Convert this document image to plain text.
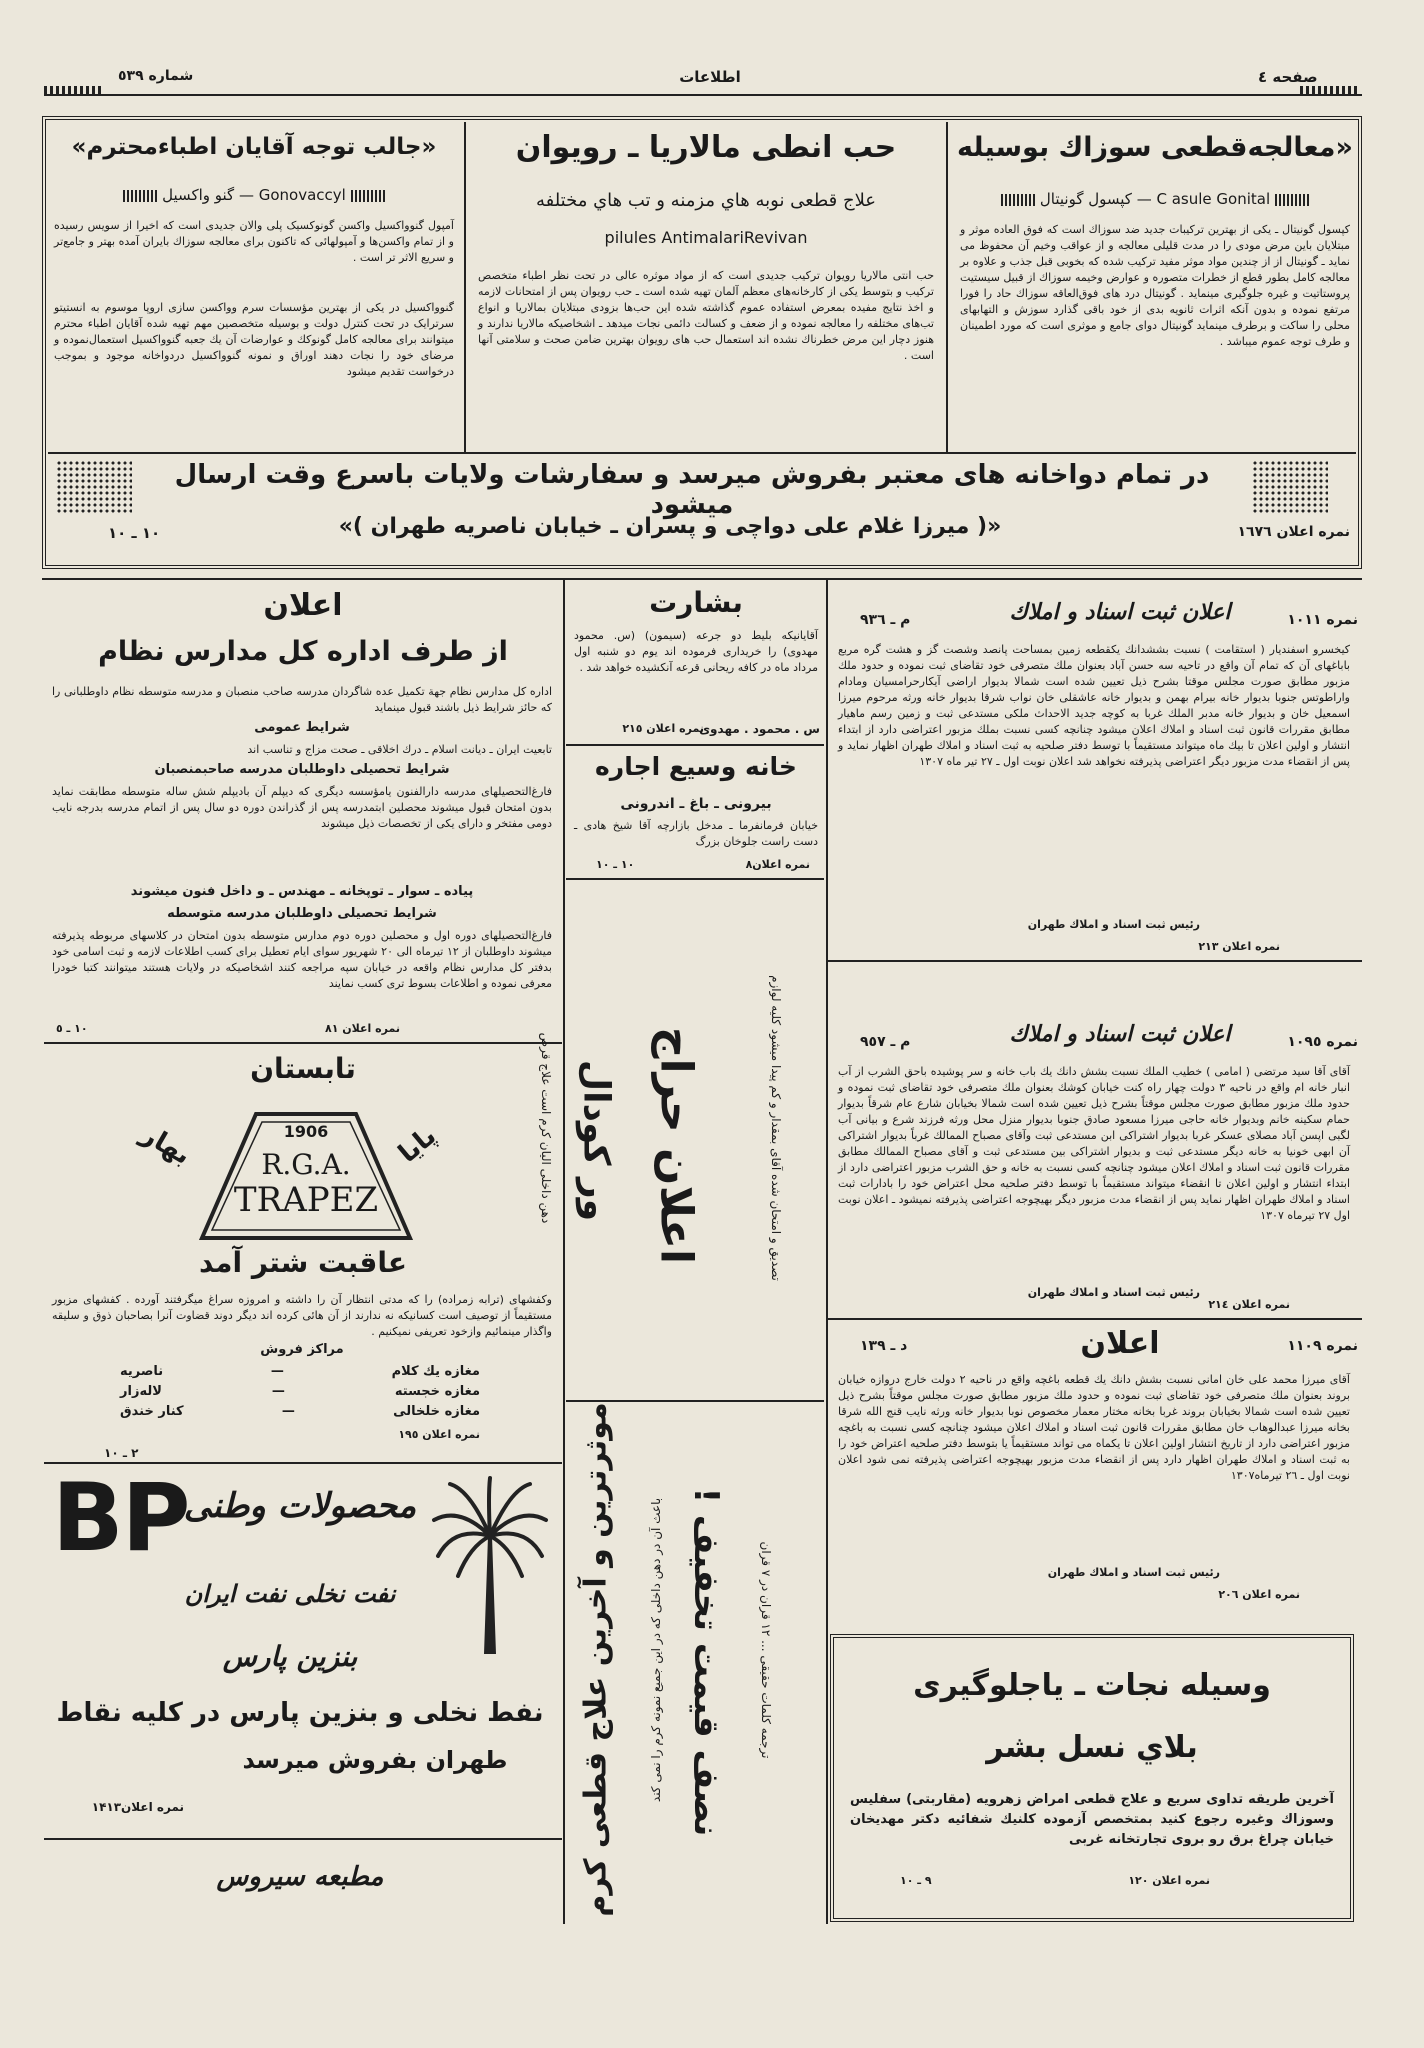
صفحه ٤
اطلاعات
شماره ٥٣٩
«جالب توجه آقايان اطباءمحترم»
گنو واکسيل — Gonovaccyl
آمپول گنوواکسيل واکسن گونوکسيک پلی والان جديدی است که اخيرا از سويس رسيده و از تمام واکسن‌ها و آمپولهائی که تاکنون برای معالجه سوزاك بايران آمده بهتر و جامع‌تر و سريع الاثر تر است .
گنوواکسيل در يکی از بهترين مؤسسات سرم وواکسن سازی اروپا موسوم به انستيتو سرترايک در تحت کنترل دولت و بوسيله متخصصين مهم تهيه شده آقايان اطباء محترم ميتوانند برای معالجه کامل گونوکك و عوارضات آن يك جعبه گنوواکسيل استعمال‌نموده و مرضای خود را نجات دهند اوراق و نمونه گنوواکسيل دردواخانه موجود و بموجب درخواست تقديم ميشود
حب انطی مالاريا ـ رويوان
علاج قطعی نوبه هاي مزمنه و تب هاي مختلفه
pilules AntimalariRevivan
حب انتی مالاريا رويوان ترکيب جديدی است که از مواد موثره عالی در تحت نظر اطباء متخصص ترکيب و بتوسط يکی از کارخانه‌های معظم آلمان تهيه شده است ـ حب رويوان پس از امتحانات لازمه و اخذ نتايج مفيده بمعرض استفاده عموم گذاشته شده اين حب‌ها بزودی مبتلايان بمالاريا و انواع تب‌های مختلفه را معالجه نموده و از ضعف و کسالت دائمی نجات ميدهد ـ اشخاصيکه مالاريا ندارند و هنوز دچار اين مرض خطرناك نشده اند استعمال حب های رويوان بهترين ضامن صحت و سلامتی آنها است .
«معالجه‌قطعی سوزاك بوسيله
کپسول گونيتال — C asule Gonital
کپسول گونيتال ـ يکی از بهترين ترکيبات جديد ضد سوزاك است که فوق العاده موثر و مبتلايان باين مرض مودی را در مدت قليلی معالجه و از عواقب وخيم آن محفوظ می نمايد ـ گونيتال از از چندين مواد موثر مفيد ترکيب شده که بخوبی قبل جذب و علاوه بر معالجه کامل بطور قطع از خطرات متصوره و عوارض وخيمه سوزاك از قبيل سيستيت پروستاتيت و غيره جلوگيری مينمايد . گونيتال درد های فوق‌العاقه سوزاك حاد را فورا مرتفع نموده و بدون آنکه اثرات ثانويه بدی از خود باقی گذارد سوزش و التهابهای محلی را ساکت و برطرف مينمايد گونيتال دوای جامع و موثری است که مورد اطمينان و طرف توجه عموم ميباشد .
در تمام دواخانه های معتبر بفروش ميرسد و سفارشات ولايات باسرع وقت ارسال ميشود
«( ميرزا غلام علی دواچی و پسران ـ خيابان ناصريه طهران )»	نمره اعلان ١٦٧٦
١٠ ـ ١٠
اعلان
از طرف اداره کل مدارس نظام
اداره کل مدارس نظام جهة تکميل عده شاگردان مدرسه صاحب منصبان و مدرسه متوسطه نظام داوطلبانی را که حائز شرايط ذيل باشند قبول مينمايد
شرايط عمومی
تابعيت ايران ـ ديانت اسلام ـ درك اخلاقی ـ صحت مزاج و تناسب اند
شرايط تحصيلی داوطلبان مدرسه صاحبمنصبان
فارغ‌التحصيلهای مدرسه دارالفنون يامؤسسه ديگری که ديپلم آن باديپلم شش ساله متوسطه مطابقت نمايد بدون امتحان قبول ميشوند محصلين ابتمدرسه پس از گذراندن دوره دو سال پس از اتمام مدرسه بدرجه نايب دومی مفتخر و دارای يکی از تخصصات ذيل ميشوند
پياده ـ سوار ـ توپخانه ـ مهندس ـ و داخل فنون ميشوند
شرايط تحصيلی داوطلبان مدرسه متوسطه
فارغ‌التحصيلهای دوره اول و محصلين دوره دوم مدارس متوسطه بدون امتحان در کلاسهای مربوطه پذيرفته ميشوند داوطلبان از ١٢ تيرماه الی ٢٠ شهريور سوای ايام تعطيل برای کسب اطلاعات لازمه و ثبت اسامی خود بدفتر کل مدارس نظام واقعه در خيابان سپه مراجعه کنند اشخاصيکه در ولايات هستند ميتوانند کتبا خودرا معرفی نموده و اطلاعات بسوط تری کسب نمايند
نمره اعلان ٨١
١٠ ـ ٥
تابستان
1906
R.G.A.
TRAPEZ
پايا
بهار
عاقبت شتر آمد
وکفشهای (ترابه زمراده) را که مدتی انتظار آن را داشته و امروزه سراغ ميگرفتند آورده . کفشهای مزبور مستقيماً از توصيف است کسانيکه نه ندارند از آن هائی کرده اند ديگر دوند قضاوت آنرا بصاحبان ذوق و سليقه واگذار مينمائيم وازخود تعريفی نميکنيم .
مراکز فروش
مغازه يك کلام
—
ناصريه
مغازه خجسته
—
لاله‌زار
مغازه خلخالی
—
کنار خندق
نمره اعلان ١٩٥
٢ ـ ١٠
BP
محصولات وطنی
نفت نخلی نفت ايران
بنزين پارس
نفط نخلی و بنزين پارس در کليه نقاط
طهران بفروش ميرسد
نمره اعلان١۴١٣
مطبعه سيروس
بشارت
آقايانيکه بليط دو جرعه (سيمون) (س. محمود مهدوی) را خريداری فرموده اند يوم دو شنبه اول مرداد ماه در کافه ريحانی قرعه آنکشيده خواهد شد .
نمره اعلان ٢١٥
س . محمود . مهدوی
خانه وسيع اجاره
بيرونی ـ باغ ـ اندرونی
خيابان فرمانفرما ـ مدخل بازارچه آقا شيخ هادی ـ دست راست جلوخان بزرگ
نمره اعلان٨
١٠ ـ ١٠
اعلان حراج	تصديق و امتحان شده آقای بمقدار و کم پيدا ميشود کليه لوازم
ور کودال
دهن داخلی الیان کرم است علاج قرص
نصف قيمت تخفيف !	ترجمه کلمات حقيقی ... ١٢ قران در ٧ قران
موثرترين و آخرين علاج قطعی کرم	باعث آن در دهن داخلی که در اين جميع نمونه کرم را نمی کند
نمره ١٠١١
اعلان ثبت اسناد و املاك
م ـ ٩٣٦
کيخسرو اسفنديار ( استقامت ) نسبت بششدانك يکقطعه زمين بمساحت پانصد وشصت گز و هشت گره مربع باباغهای آن که تمام آن واقع در تاحيه سه حسن آباد بعنوان ملك متصرفی خود تقاضای ثبت نموده و حدود ملك مزبور مطابق صورت مجلس موقتا بشرح ذيل تعيين شده است شمالا بديوار اراضی آيکارحرامسيان ومادام واراطوتس جنوبا بديوار خانه بيرام بهمن و بديوار خانه عاشقلی خان نواب شرقا بديوار خانه ورثه مرحوم ميرزا اسمعيل خان و بديوار خانه مدبر الملك غربا به کوچه جديد الاحداث ملکی مستدعی ثبت و زمين رسم ماهيار مطابق مقررات قانون ثبت اسناد و املاك اعلان ميشود چنانچه کسی نسبت بملك مزبور اعتراضی دارد از ابتداء انتشار و اولين اعلان تا بيك ماه ميتواند مستقيماً با توسط دفتر صلحيه به ثبت اسناد و املاك طهران اظهار نمايد و پس از انقضاء مدت مزبور ديگر اعتراضی پذيرفته نخواهد شد اعلان نوبت اول ـ ٢٧ تير ماه ١٣٠٧
رئيس ثبت اسناد و املاك طهران
نمره اعلان ٢١٣
نمره ١٠٩٥
اعلان ثبت اسناد و املاك
م ـ ٩٥٧
آقای آقا سيد مرتضی ( امامی ) خطيب الملك نسبت بشش دانك يك باب خانه و سر پوشيده باحق الشرب از آب انبار خانه ام واقع در ناحيه ٣ دولت چهار راه کنت خيابان کوشك بعنوان ملك متصرفی خود تقاضای ثبت نموده و حدود ملك مزبور مطابق صورت مجلس موقتاً بشرح ذيل تعيين شده است شمالا بخيابان شارع عام شرقاً بديوار حمام سکينه خانم وبديوار خانه حاجی ميرزا مسعود صادق جنوبا بديوار منزل محل ورثه فرزند شرع و بيانی آب لگبی اپسن آباد مصلای عسکر غربا بديوار اشتراکی ابن مستدعی ثبت وآقای مصباح الممالك غرباً بديوار اشتراکی آن ابهی خونيا به خانه ديگر مستدعی ثبت و بديوار اشتراکی بين مستدعی ثبت و آقای مصباح الممالك مطابق مقررات قانون ثبت اسناد و املاك اعلان ميشود چنانچه کسی نسبت به خانه و حق الشرب مزبور اعتراضی دارد از ابتداء انتشار و اولين اعلان تا انقضاء ميتواند مستقيماً با توسط دفتر صلحيه محل اعتراض خود را بادارات ثبت اسناد و املاك طهران اظهار نمايد پس از انقضاء مدت مزبور ديگر بهيچوجه اعتراضی پذيرفته نميشود ـ اعلان نوبت اول ٢٧ تيرماه ١٣٠٧
رئيس ثبت اسناد و املاك طهران
نمره اعلان ٢١٤
نمره ١١٠٩
اعلان
د ـ ١٣٩
آقای ميرزا محمد علی خان امانی نسبت بشش دانك يك قطعه باغچه واقع در ناحيه ٢ دولت خارج دروازه خيابان بروند بعنوان ملك متصرفی خود تقاضای ثبت نموده و حدود ملك مزبور مطابق صورت مجلس موقتاً بشرح ذيل تعيين شده است شمالا بخيابان بروند غربا بخانه مختار معمار مخصوص نوبا بديوار خانه ورثه نايب قنج الله شرقا بخانه ميرزا عبدالوهاب خان مطابق مقررات قانون ثبت اسناد و املاك اعلان ميشود چنانچه کسی نسبت به باغچه مزبور اعتراضی دارد از تاريخ انتشار اولين اعلان تا يکماه می تواند مستقيماً يا بتوسط دفتر صلحيه اعتراض خود را به ثبت اسناد و املاك طهران اظهار دارد پس از انقضاء مدت مزبور بهيچوجه اعتراضی پذيرفته نمی شود اعلان نوبت اول ـ ٢٦ تيرماه١٣٠٧
رئيس ثبت اسناد و املاك طهران
نمره اعلان ٢٠٦
وسيله نجات ـ ياجلوگيری
بلاي نسل بشر
آخرين طريقه تداوی سريع و علاج قطعی امراض زهرويه (مقاربتی) سفليس وسوزاك وغيره رجوع کنيد بمتخصص آزموده کلنيك شفائيه دکتر مهديخان خيابان چراغ برق رو بروی تجارتخانه غربی
نمره اعلان ١٢٠
٩ ـ ١٠
